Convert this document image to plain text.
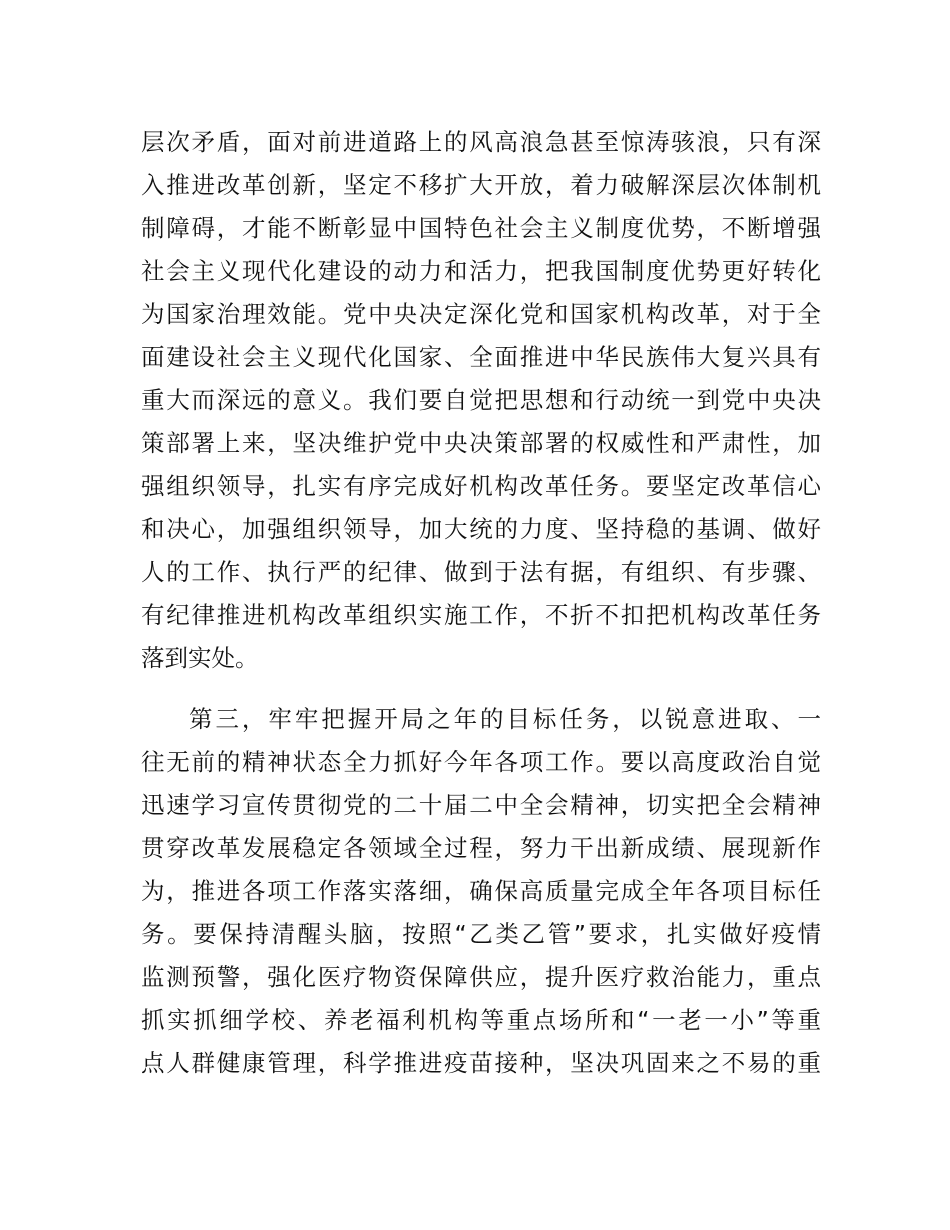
层次矛盾，面对前进道路上的风高浪急甚至惊涛骇浪，只有深
入推进改革创新，坚定不移扩大开放，着力破解深层次体制机
制障碍，才能不断彰显中国特色社会主义制度优势，不断增强
社会主义现代化建设的动力和活力，把我国制度优势更好转化
为国家治理效能。党中央决定深化党和国家机构改革，对于全
面建设社会主义现代化国家、全面推进中华民族伟大复兴具有
重大而深远的意义。我们要自觉把思想和行动统一到党中央决
策部署上来，坚决维护党中央决策部署的权威性和严肃性，加
强组织领导，扎实有序完成好机构改革任务。要坚定改革信心
和决心，加强组织领导，加大统的力度、坚持稳的基调、做好
人的工作、执行严的纪律、做到于法有据，有组织、有步骤、
有纪律推进机构改革组织实施工作，不折不扣把机构改革任务
落到实处。
第三，牢牢把握开局之年的目标任务，以锐意进取、一
往无前的精神状态全力抓好今年各项工作。要以高度政治自觉
迅速学习宣传贯彻党的二十届二中全会精神，切实把全会精神
贯穿改革发展稳定各领域全过程，努力干出新成绩、展现新作
为，推进各项工作落实落细，确保高质量完成全年各项目标任
务。要保持清醒头脑，按照“乙类乙管”要求，扎实做好疫情
监测预警，强化医疗物资保障供应，提升医疗救治能力，重点
抓实抓细学校、养老福利机构等重点场所和“一老一小”等重
点人群健康管理，科学推进疫苗接种，坚决巩固来之不易的重
